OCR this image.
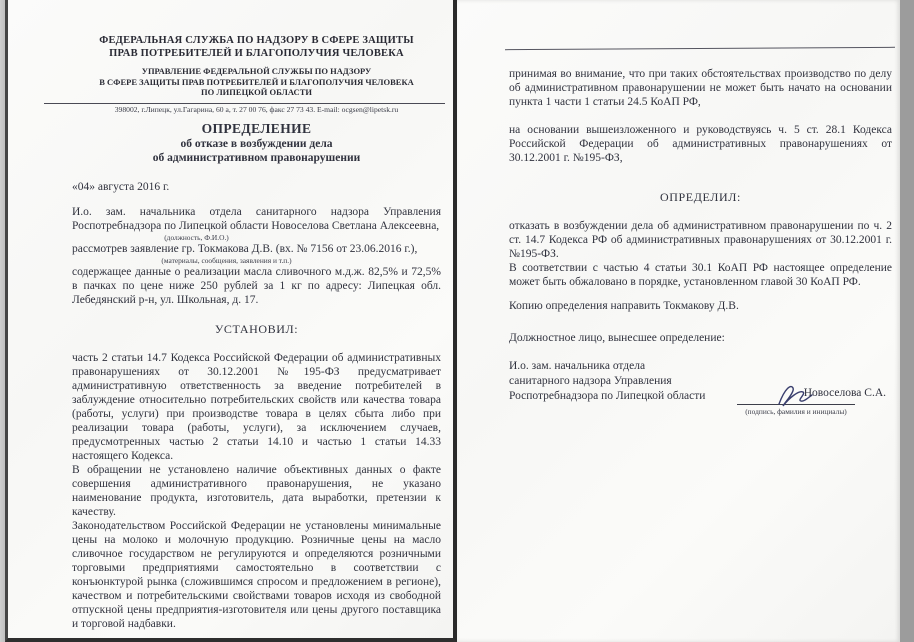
ФЕДЕРАЛЬНАЯ СЛУЖБА ПО НАДЗОРУ В СФЕРЕ ЗАЩИТЫ
ПРАВ ПОТРЕБИТЕЛЕЙ И БЛАГОПОЛУЧИЯ ЧЕЛОВЕКА
УПРАВЛЕНИЕ ФЕДЕРАЛЬНОЙ СЛУЖБЫ ПО НАДЗОРУ
В СФЕРЕ ЗАЩИТЫ ПРАВ ПОТРЕБИТЕЛЕЙ И БЛАГОПОЛУЧИЯ ЧЕЛОВЕКА
ПО ЛИПЕЦКОЙ ОБЛАСТИ
398002, г.Липецк, ул.Гагарина, 60 а, т. 27 00 76, факс 27 73 43. E-mail: ocgsen@lipetsk.ru
ОПРЕДЕЛЕНИЕ
об отказе в возбуждении дела
об административном правонарушении
«04» августа 2016 г.

И.о. зам. начальника отдела санитарного надзора Управления Роспотребнадзора по Липецкой области Новоселова Светлана Алексеевна,

(должность, Ф.И.О.)

рассмотрев заявление гр. Токмакова Д.В. (вх. № 7156 от 23.06.2016 г.),

(материалы, сообщения, заявления и т.п.)

содержащее данные о реализации масла сливочного м.д.ж. 82,5% и 72,5% в пачках по цене ниже 250 рублей за 1 кг по адресу: Липецкая обл. Лебедянский р-н, ул. Школьная, д. 17.

УСТАНОВИЛ:

часть 2 статьи 14.7 Кодекса Российской Федерации об административных правонарушениях от 30.12.2001 №195-ФЗ предусматривает административную ответственность за введение потребителей в заблуждение относительно потребительских свойств или качества товара (работы, услуги) при производстве товара в целях сбыта либо при реализации товара (работы, услуги), за исключением случаев, предусмотренных частью 2 статьи 14.10 и частью 1 статьи 14.33 настоящего Кодекса.

В обращении не установлено наличие объективных данных о факте совершения административного правонарушения, не указано наименование продукта, изготовитель, дата выработки, претензии к качеству.

Законодательством Российской Федерации не установлены минимальные цены на молоко и молочную продукцию. Розничные цены на масло сливочное государством не регулируются и определяются розничными торговыми предприятиями самостоятельно в соответствии с конъюнктурой рынка (сложившимся спросом и предложением в регионе), качеством и потребительскими свойствами товаров исходя из свободной отпускной цены предприятия-изготовителя или цены другого поставщика и торговой надбавки.

принимая во внимание, что при таких обстоятельствах производство по делу об административном правонарушении не может быть начато на основании пункта 1 части 1 статьи 24.5 КоАП РФ,

на основании вышеизложенного и руководствуясь ч. 5 ст. 28.1 Кодекса Российской Федерации об административных правонарушениях от 30.12.2001 г. №195-ФЗ,

ОПРЕДЕЛИЛ:

отказать в возбуждении дела об административном правонарушении по ч. 2 ст. 14.7 Кодекса РФ об административных правонарушениях от 30.12.2001 г. №195-ФЗ.

В соответствии с частью 4 статьи 30.1 КоАП РФ настоящее определение может быть обжаловано в порядке, установленном главой 30 КоАП РФ.

Копию определения направить Токмакову Д.В.

Должностное лицо, вынесшее определение:

И.о. зам. начальника отдела
санитарного надзора Управления
Роспотребнадзора по Липецкой области
(подпись, фамилия и инициалы)
Новоселова С.А.
